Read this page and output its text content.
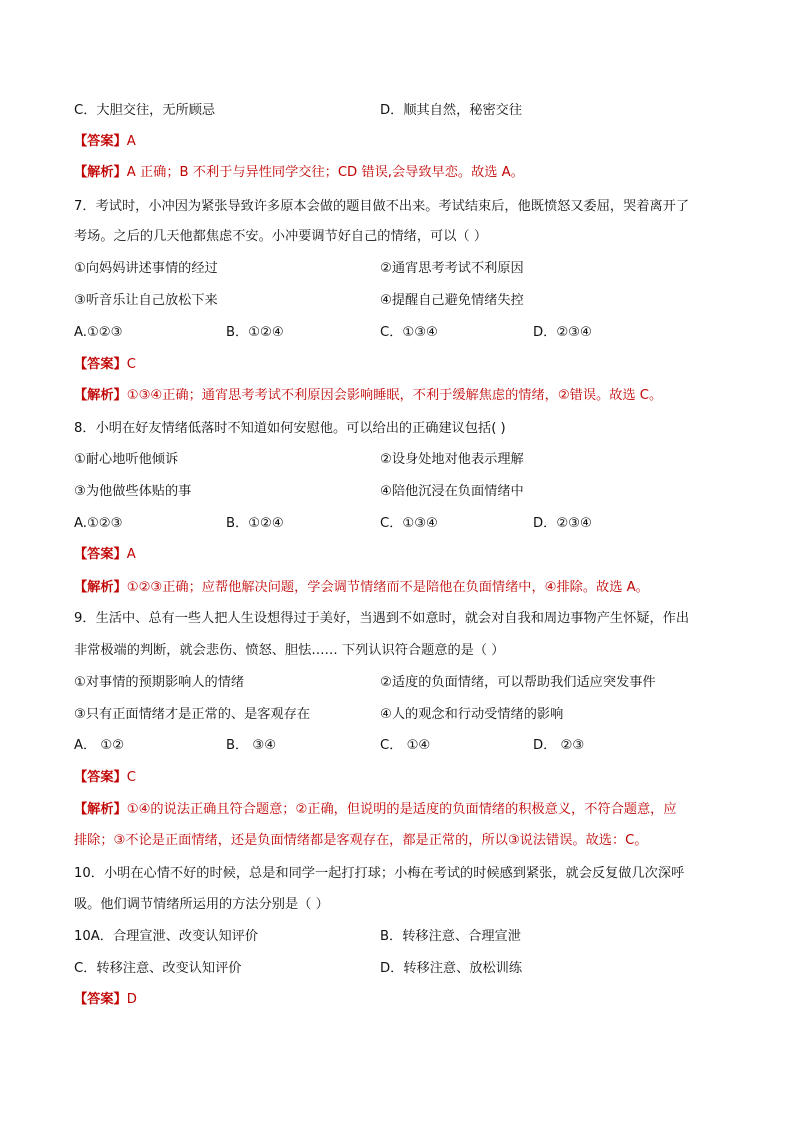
C．大胆交往，无所顾忌	D．顺其自然，秘密交往
【答案】A
【解析】A 正确；B 不利于与异性同学交往；CD 错误,会导致早恋。故选 A。
7．考试时，小冲因为紧张导致许多原本会做的题目做不出来。考试结束后，他既愤怒又委屈，哭着离开了
考场。之后的几天他都焦虑不安。小冲要调节好自己的情绪，可以（ ）
①向妈妈讲述事情的经过	②通宵思考考试不利原因
③听音乐让自己放松下来	④提醒自己避免情绪失控
A.①②③	B．①②④	C．①③④	D．②③④
【答案】C
【解析】①③④正确；通宵思考考试不利原因会影响睡眠，不利于缓解焦虑的情绪，②错误。故选 C。
8．小明在好友情绪低落时不知道如何安慰他。可以给出的正确建议包括( )
①耐心地听他倾诉	②设身处地对他表示理解
③为他做些体贴的事	④陪他沉浸在负面情绪中
A.①②③	B．①②④	C．①③④	D．②③④
【答案】A
【解析】①②③正确；应帮他解决问题，学会调节情绪而不是陪他在负面情绪中，④排除。故选 A。
9．生活中、总有一些人把人生设想得过于美好，当遇到不如意时，就会对自我和周边事物产生怀疑，作出
非常极端的判断，就会悲伤、愤怒、胆怯…… 下列认识符合题意的是（ ）
①对事情的预期影响人的情绪	②适度的负面情绪，可以帮助我们适应突发事件
③只有正面情绪才是正常的、是客观存在	④人的观念和行动受情绪的影响
A． ①②	B． ③④	C． ①④	D． ②③
【答案】C
【解析】①④的说法正确且符合题意；②正确，但说明的是适度的负面情绪的积极意义，不符合题意，应
排除；③不论是正面情绪，还是负面情绪都是客观存在，都是正常的，所以③说法错误。故选：C。
10．小明在心情不好的时候，总是和同学一起打打球；小梅在考试的时候感到紧张，就会反复做几次深呼
吸。他们调节情绪所运用的方法分别是（ ）
10A．合理宣泄、改变认知评价	B．转移注意、合理宣泄
C．转移注意、改变认知评价	D．转移注意、放松训练
【答案】D
